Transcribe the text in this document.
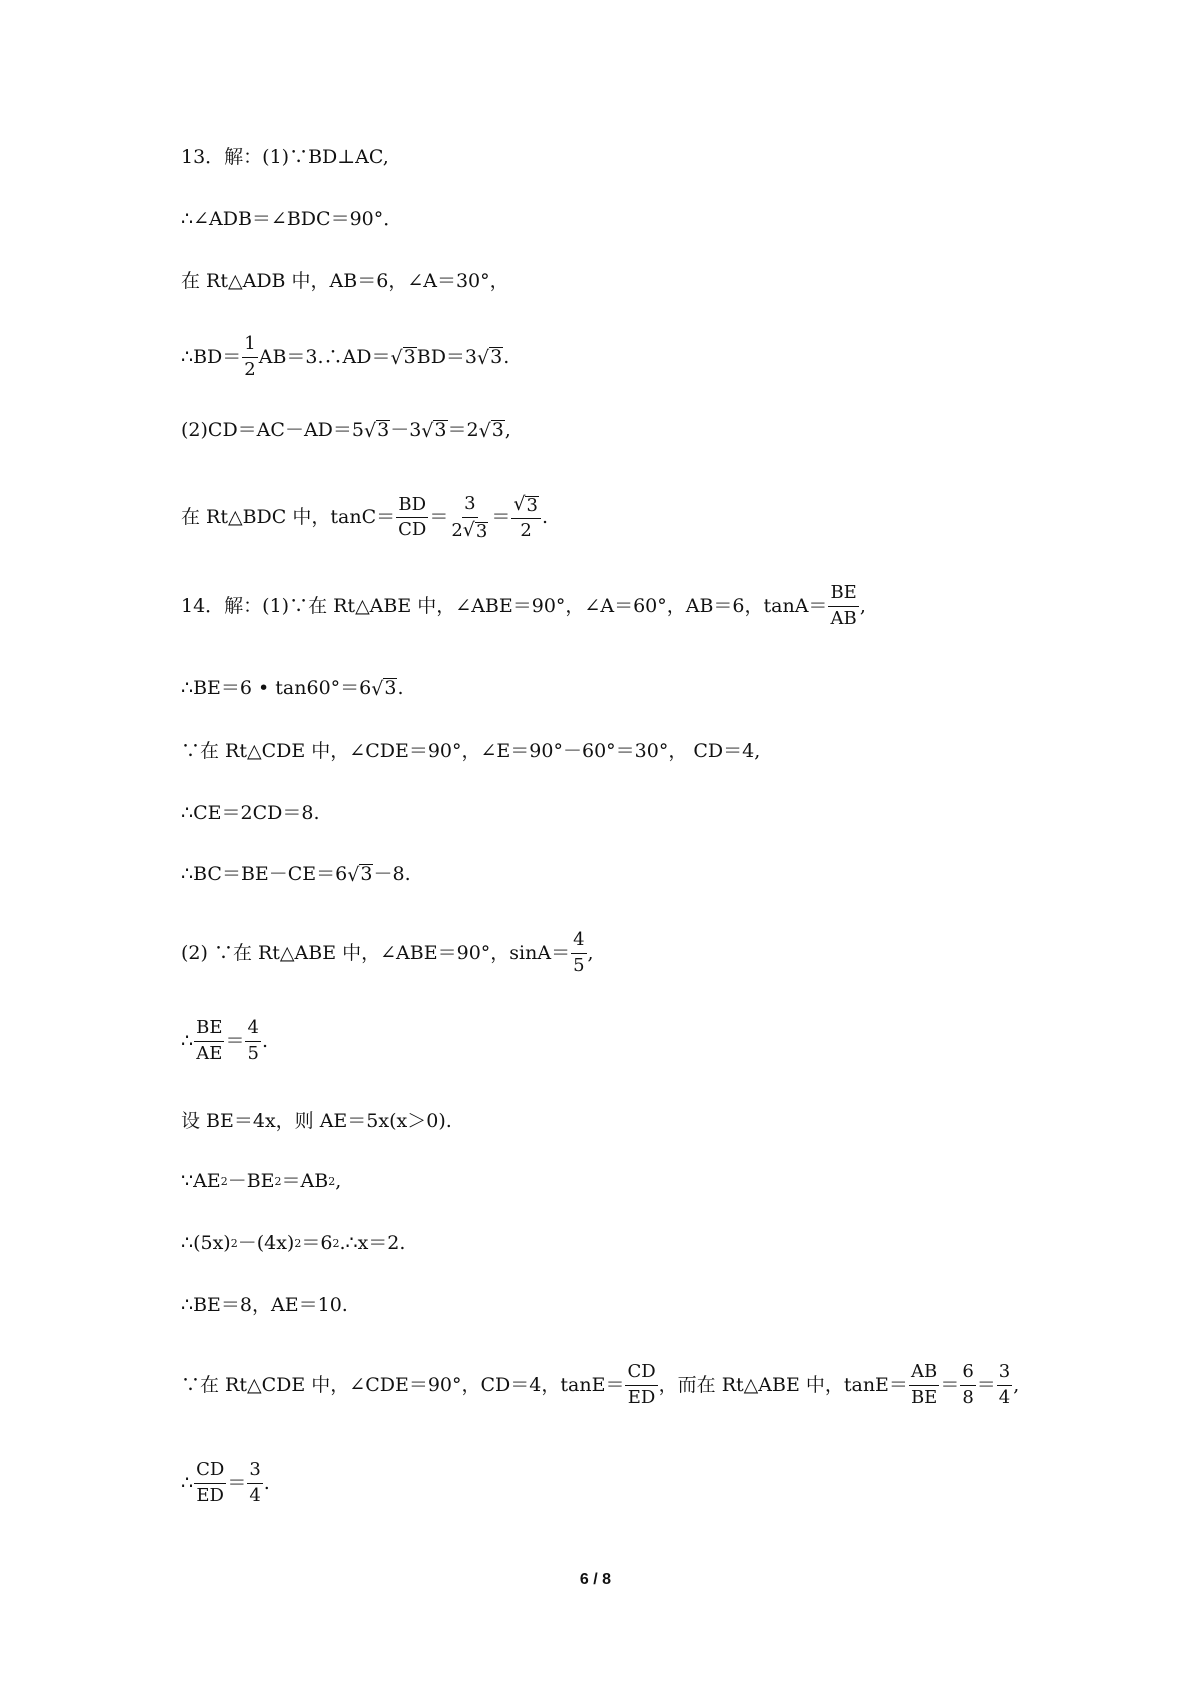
13．解：(1)∵BD⊥AC,
∴∠ADB＝∠BDC＝90°．
在 Rt△ADB 中，AB＝6，∠A＝30°，
∴BD＝ $\frac{1}{2}$ AB＝3.∴AD＝ √ 3 BD＝3 √ 3 .
(2)CD＝AC－AD＝5 √ 3 －3 √ 3 ＝2 √ 3 ,
在 Rt△BDC 中，$\tan C= \frac{BD}{CD} = \frac{3}{2 √ 3} = \frac{√ 3}{2}$ .
14．解：(1)∵在 Rt△ABE 中，∠ABE＝90°，∠A＝60°，AB＝6，$\tan A= \frac{BE}{AB}$ ,
∴BE＝6 • tan60°＝6 √ 3 .
∵在 Rt△CDE 中，∠CDE＝90°，∠E＝90°－60°＝30°， CD＝4,
∴CE＝2CD＝8.
∴BC＝BE－CE＝6 √ 3 －8.
(2) ∵在 Rt△ABE 中，∠ABE＝90°，$\sin A= \frac{4}{5}$ ,
∴ $\frac{BE}{AE} = \frac{4}{5}$ .
设 BE＝4x，则 AE＝5x(x＞0).
∵AE 2 －BE 2 ＝AB 2 ,
∴(5x) 2 －(4x) 2 ＝6 2 .∴x＝2.
∴BE＝8，AE＝10.
∵在 Rt△CDE 中，∠CDE＝90°，CD＝4，$\tan E= \frac{CD}{ED}$ ，而在 Rt△ABE 中，$\tan E= \frac{AB}{BE} = \frac{6}{8} = \frac{3}{4}$ ,
∴ $\frac{CD}{ED} = \frac{3}{4}$ .
6 / 8
